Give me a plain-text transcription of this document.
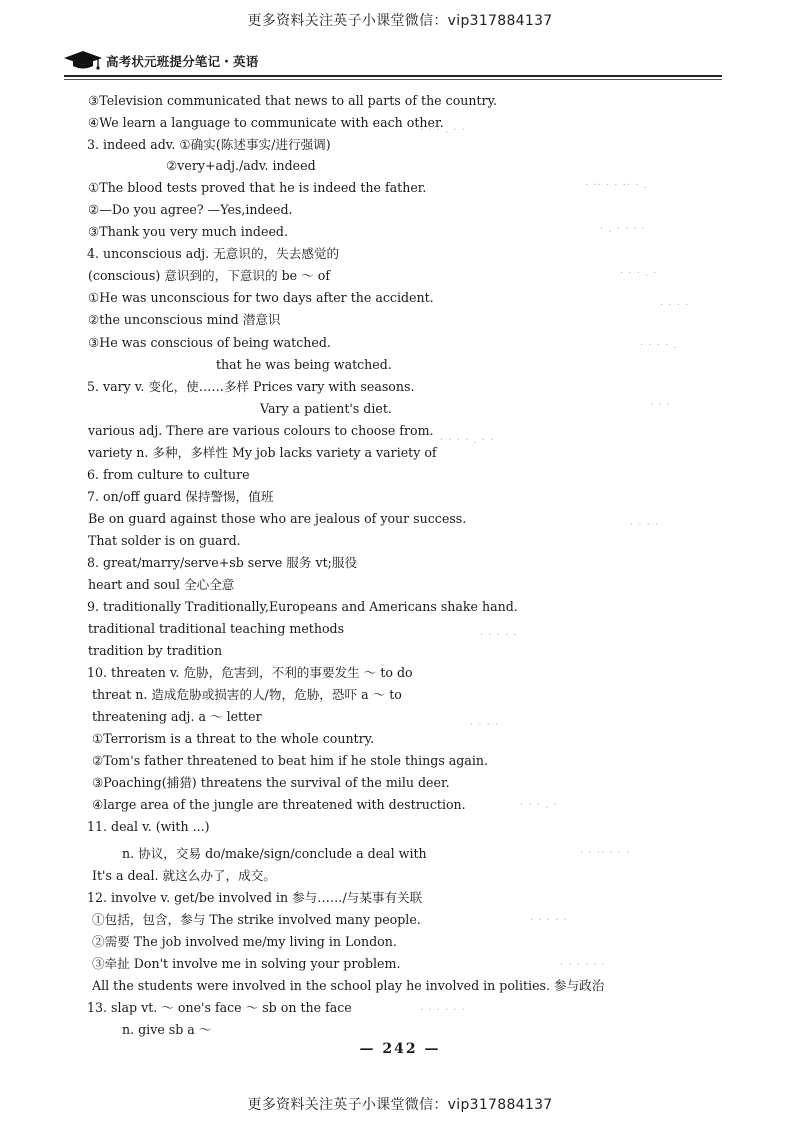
更多资料关注英子小课堂微信：vip317884137
高考状元班提分笔记・英语
③Television communicated that news to all parts of the country.
④We learn a language to communicate with each other.
3. indeed adv. ①确实(陈述事实/进行强调)
②very+adj./adv. indeed
①The blood tests proved that he is indeed the father.
②—Do you agree? —Yes,indeed.
③Thank you very much indeed.
4. unconscious adj. 无意识的，失去感觉的
(conscious) 意识到的，下意识的 be ～ of
①He was unconscious for two days after the accident.
②the unconscious mind 潜意识
③He was conscious of being watched.
that he was being watched.
5. vary v. 变化，使……多样 Prices vary with seasons.
Vary a patient's diet.
various adj. There are various colours to choose from.
variety n. 多种，多样性 My job lacks variety a variety of
6. from culture to culture
7. on/off guard 保持警惕，值班
Be on guard against those who are jealous of your success.
That solder is on guard.
8. great/marry/serve+sb serve 服务 vt;服役
heart and soul 全心全意
9. traditionally Traditionally,Europeans and Americans shake hand.
traditional traditional teaching methods
tradition by tradition
10. threaten v. 危胁，危害到，不利的事要发生 ～ to do
threat n. 造成危胁或损害的人/物，危胁，恐吓 a ～ to
threatening adj. a ～ letter
①Terrorism is a threat to the whole country.
②Tom's father threatened to beat him if he stole things again.
③Poaching(捕猎) threatens the survival of the milu deer.
④large area of the jungle are threatened with destruction.
11. deal v. (with ...)
n. 协议，交易 do/make/sign/conclude a deal with
It's a deal. 就这么办了，成交。
12. involve v. get/be involved in 参与……/与某事有关联
①包括，包含，参与 The strike involved many people.
②需要 The job involved me/my living in London.
③牵扯 Don't involve me in solving your problem.
All the students were involved in the school play he involved in polities. 参与政治
13. slap vt. ～ one's face ～ sb on the face
n. give sb a ～
— 242 —
更多资料关注英子小课堂微信：vip317884137
· · · . · ·
· ·· · · ·· · .
· . · · · ·
· · · . ·
· · · ·
· · · · .
· · ·
· · · · . · ·
· · · ·
· · · · ·
· · · ·
· · · . ·
· · ·· · · ·
· · · · ·
· · · · · ·
· · · · · ·
